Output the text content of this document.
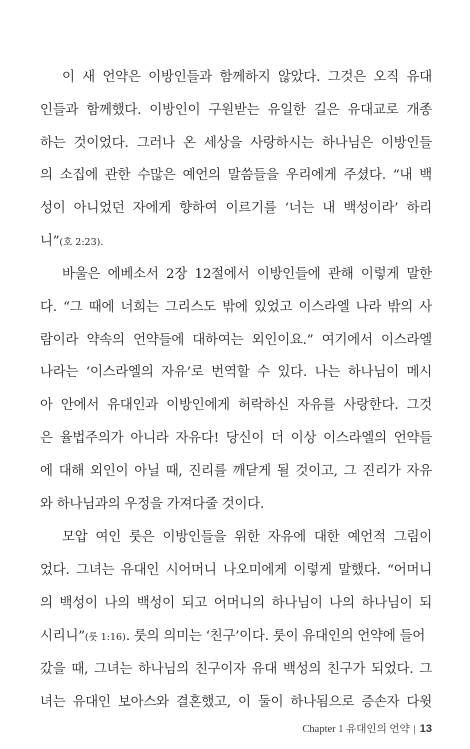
이 새 언약은 이방인들과 함께하지 않았다. 그것은 오직 유대
인들과 함께했다. 이방인이 구원받는 유일한 길은 유대교로 개종
하는 것이었다. 그러나 온 세상을 사랑하시는 하나님은 이방인들
의 소집에 관한 수많은 예언의 말씀들을 우리에게 주셨다. “내 백
성이 아니었던 자에게 향하여 이르기를 ‘너는 내 백성이라’ 하리
니”(호 2:23).
바울은 에베소서 2장 12절에서 이방인들에 관해 이렇게 말한
다. “그 때에 너희는 그리스도 밖에 있었고 이스라엘 나라 밖의 사
람이라 약속의 언약들에 대하여는 외인이요.” 여기에서 이스라엘
나라는 ‘이스라엘의 자유’로 번역할 수 있다. 나는 하나님이 메시
아 안에서 유대인과 이방인에게 허락하신 자유를 사랑한다. 그것
은 율법주의가 아니라 자유다! 당신이 더 이상 이스라엘의 언약들
에 대해 외인이 아닐 때, 진리를 깨닫게 될 것이고, 그 진리가 자유
와 하나님과의 우정을 가져다줄 것이다.
모압 여인 룻은 이방인들을 위한 자유에 대한 예언적 그림이
었다. 그녀는 유대인 시어머니 나오미에게 이렇게 말했다. “어머니
의 백성이 나의 백성이 되고 어머니의 하나님이 나의 하나님이 되
시리니”(룻 1:16). 룻의 의미는 ‘친구’이다. 룻이 유대인의 언약에 들어
갔을 때, 그녀는 하나님의 친구이자 유대 백성의 친구가 되었다. 그
녀는 유대인 보아스와 결혼했고, 이 둘이 하나됨으로 증손자 다윗
Chapter 1 유대인의 언약 | 13
